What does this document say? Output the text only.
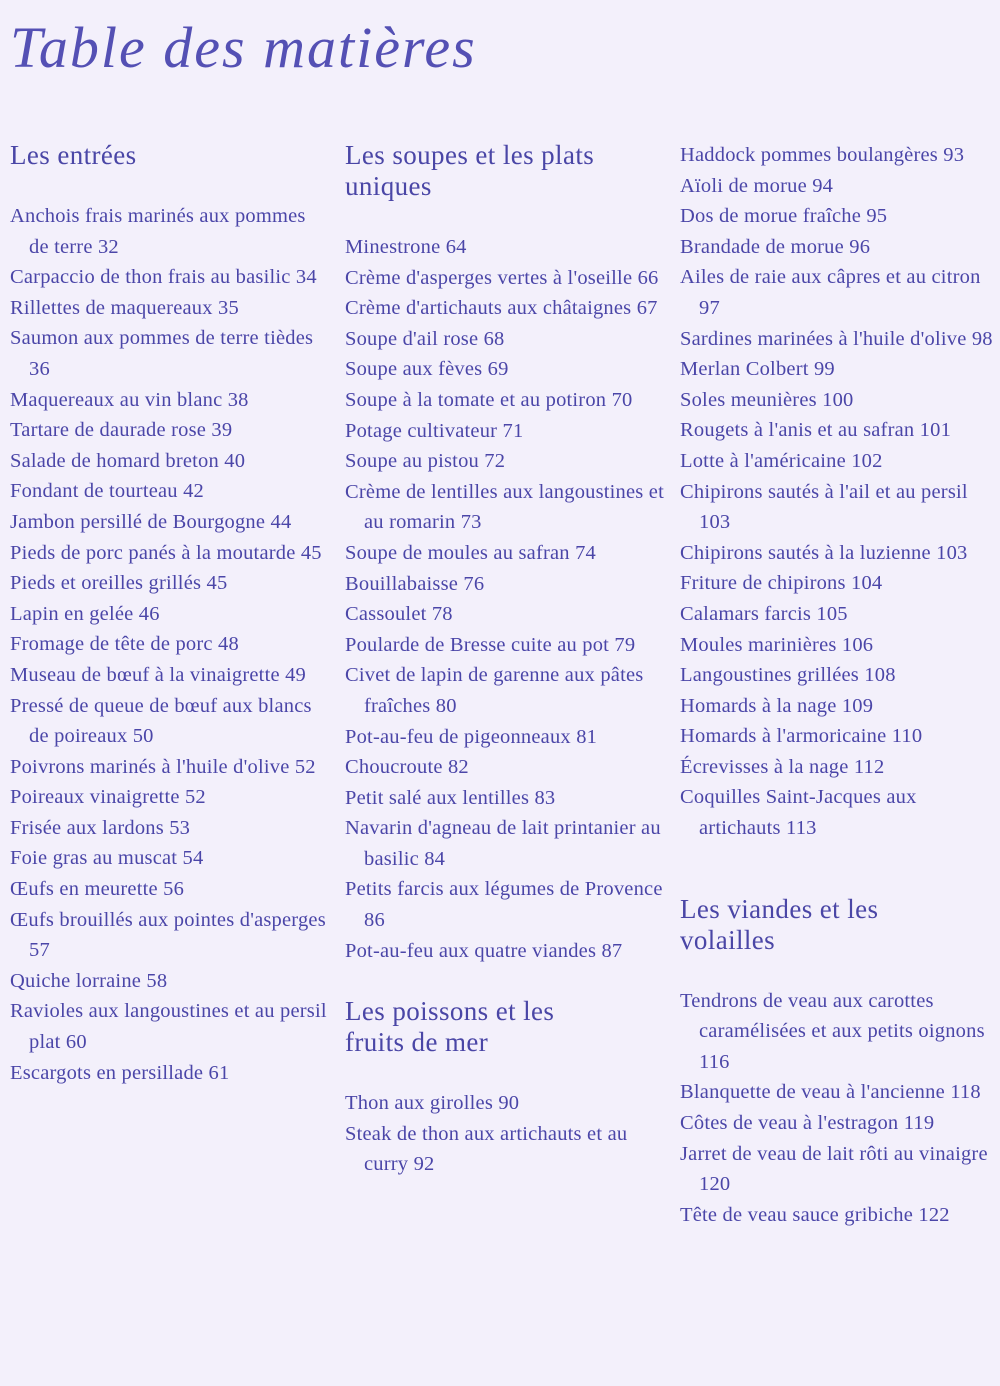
Table des matières
Les entrées
Anchois frais marinés aux pommes de terre 32
Carpaccio de thon frais au basilic 34
Rillettes de maquereaux 35
Saumon aux pommes de terre tièdes 36
Maquereaux au vin blanc 38
Tartare de daurade rose 39
Salade de homard breton 40
Fondant de tourteau 42
Jambon persillé de Bourgogne 44
Pieds de porc panés à la moutarde 45
Pieds et oreilles grillés 45
Lapin en gelée 46
Fromage de tête de porc 48
Museau de bœuf à la vinaigrette 49
Pressé de queue de bœuf aux blancs de poireaux 50
Poivrons marinés à l'huile d'olive 52
Poireaux vinaigrette 52
Frisée aux lardons 53
Foie gras au muscat 54
Œufs en meurette 56
Œufs brouillés aux pointes d'asperges 57
Quiche lorraine 58
Ravioles aux langoustines et au persil plat 60
Escargots en persillade 61
Les soupes et les plats uniques
Minestrone 64
Crème d'asperges vertes à l'oseille 66
Crème d'artichauts aux châtaignes 67
Soupe d'ail rose 68
Soupe aux fèves 69
Soupe à la tomate et au potiron 70
Potage cultivateur 71
Soupe au pistou 72
Crème de lentilles aux langoustines et au romarin 73
Soupe de moules au safran 74
Bouillabaisse 76
Cassoulet 78
Poularde de Bresse cuite au pot 79
Civet de lapin de garenne aux pâtes fraîches 80
Pot-au-feu de pigeonneaux 81
Choucroute 82
Petit salé aux lentilles 83
Navarin d'agneau de lait printanier au basilic 84
Petits farcis aux légumes de Provence 86
Pot-au-feu aux quatre viandes 87
Les poissons et les fruits de mer
Thon aux girolles 90
Steak de thon aux artichauts et au curry 92
Haddock pommes boulangères 93
Aïoli de morue 94
Dos de morue fraîche 95
Brandade de morue 96
Ailes de raie aux câpres et au citron 97
Sardines marinées à l'huile d'olive 98
Merlan Colbert 99
Soles meunières 100
Rougets à l'anis et au safran 101
Lotte à l'américaine 102
Chipirons sautés à l'ail et au persil 103
Chipirons sautés à la luzienne 103
Friture de chipirons 104
Calamars farcis 105
Moules marinières 106
Langoustines grillées 108
Homards à la nage 109
Homards à l'armoricaine 110
Écrevisses à la nage 112
Coquilles Saint-Jacques aux artichauts 113
Les viandes et les volailles
Tendrons de veau aux carottes caramélisées et aux petits oignons 116
Blanquette de veau à l'ancienne 118
Côtes de veau à l'estragon 119
Jarret de veau de lait rôti au vinaigre 120
Tête de veau sauce gribiche 122
